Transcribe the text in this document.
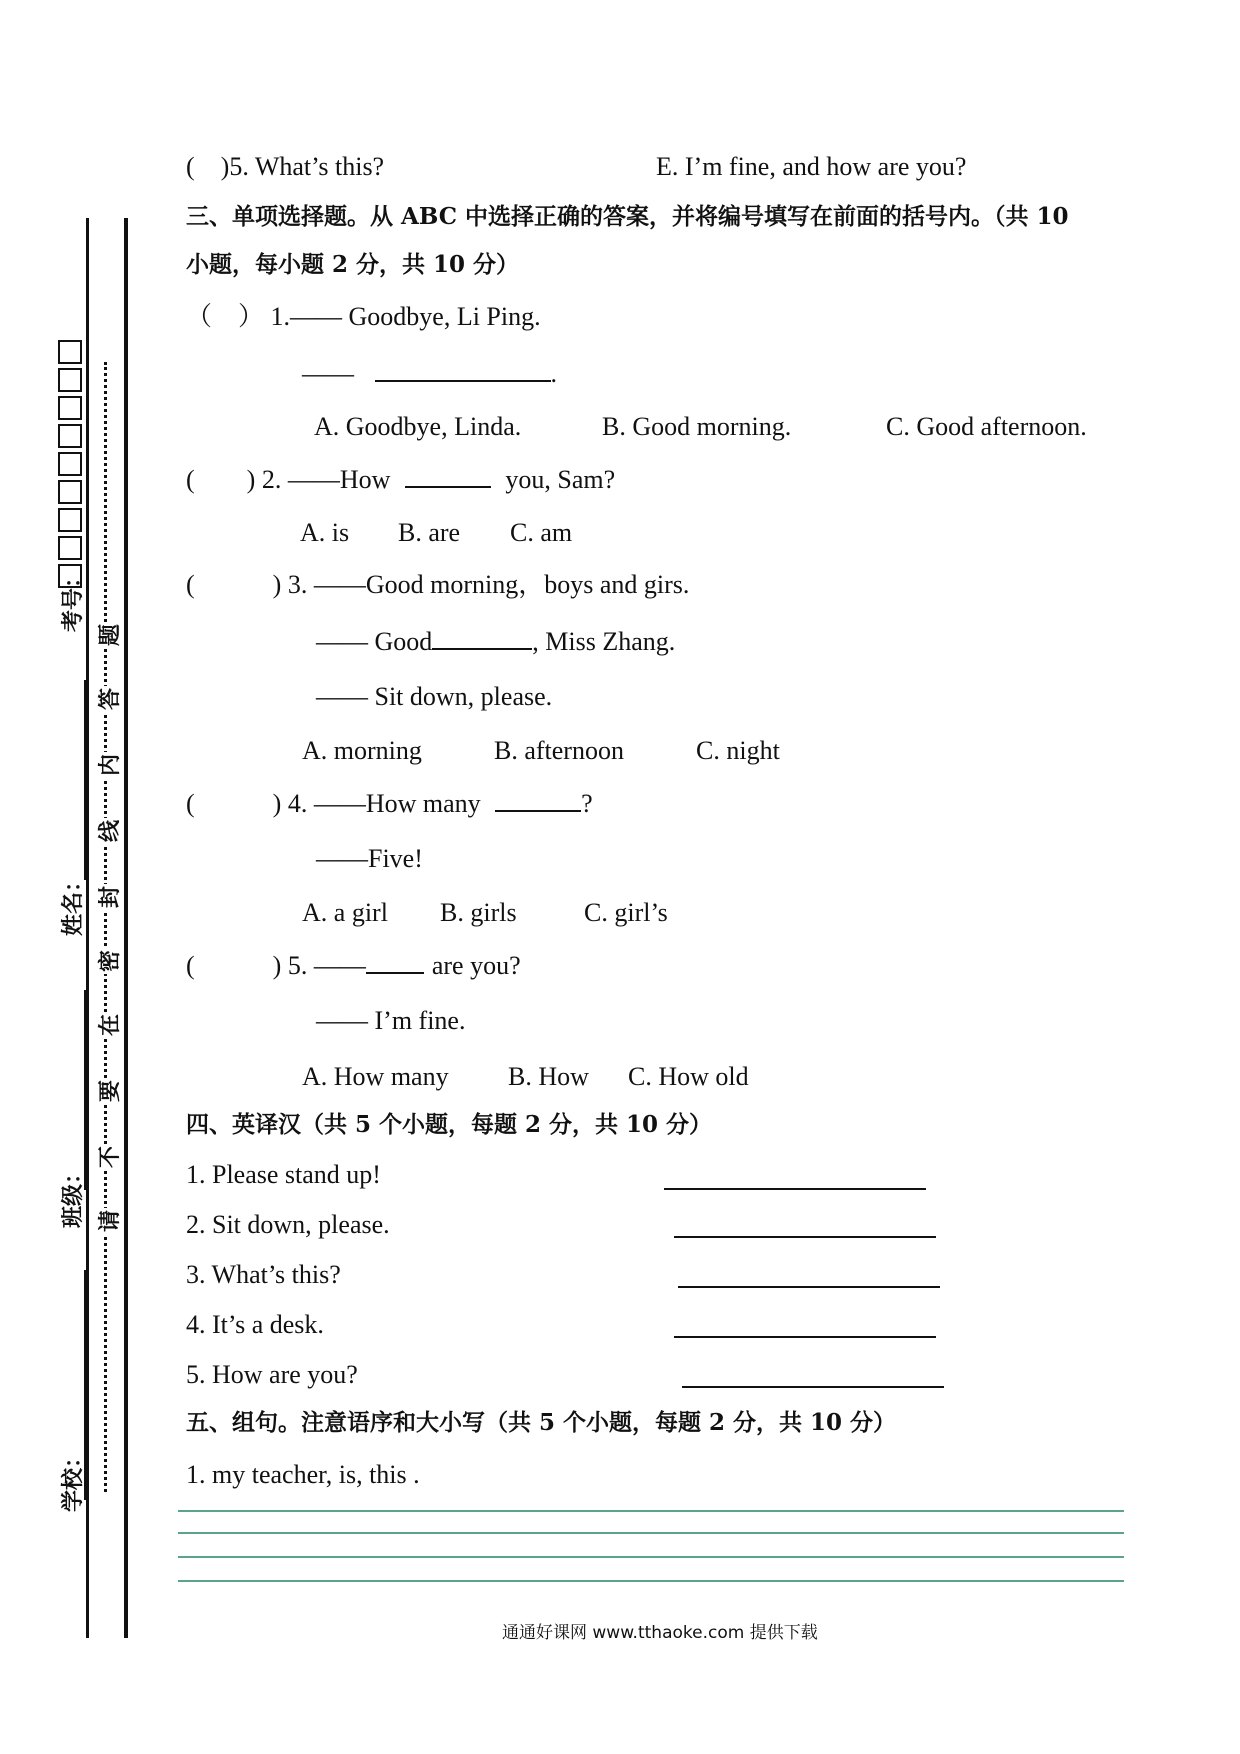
考号：
姓名：
班级：
学校：
题
答
内
线
封
密
在
要
不
请
(　)5. What’s this?	E. I’m fine, and how are you?
三、单项选择题。从 ABC 中选择正确的答案，并将编号填写在前面的括号内。（共 10
小题，每小题 2 分，共 10 分）
（　） 1.—— Goodbye, Li Ping.
——	.
A. Goodbye, Linda.	B. Good morning.	C. Good afternoon.
(　　) 2. ——How	you, Sam?
A. is B. are C. am
(　　　) 3. ——Good morning，boys and girs.
—— Good	, Miss Zhang.
—— Sit down, please.
A. morning	B. afternoon	C. night
(　　　) 4. ——How many	?
——Five!
A. a girl B. girls	C. girl’s
(　　　) 5. ——	are you?
—— I’m fine.
A. How many B. How C. How old
四、英译汉（共 5 个小题，每题 2 分，共 10 分）
1. Please stand up!
2. Sit down, please.
3. What’s this?
4. It’s a desk.
5. How are you?
五、组句。注意语序和大小写（共 5 个小题，每题 2 分，共 10 分）
1. my teacher, is, this .
通通好课网 www.tthaoke.com 提供下载
